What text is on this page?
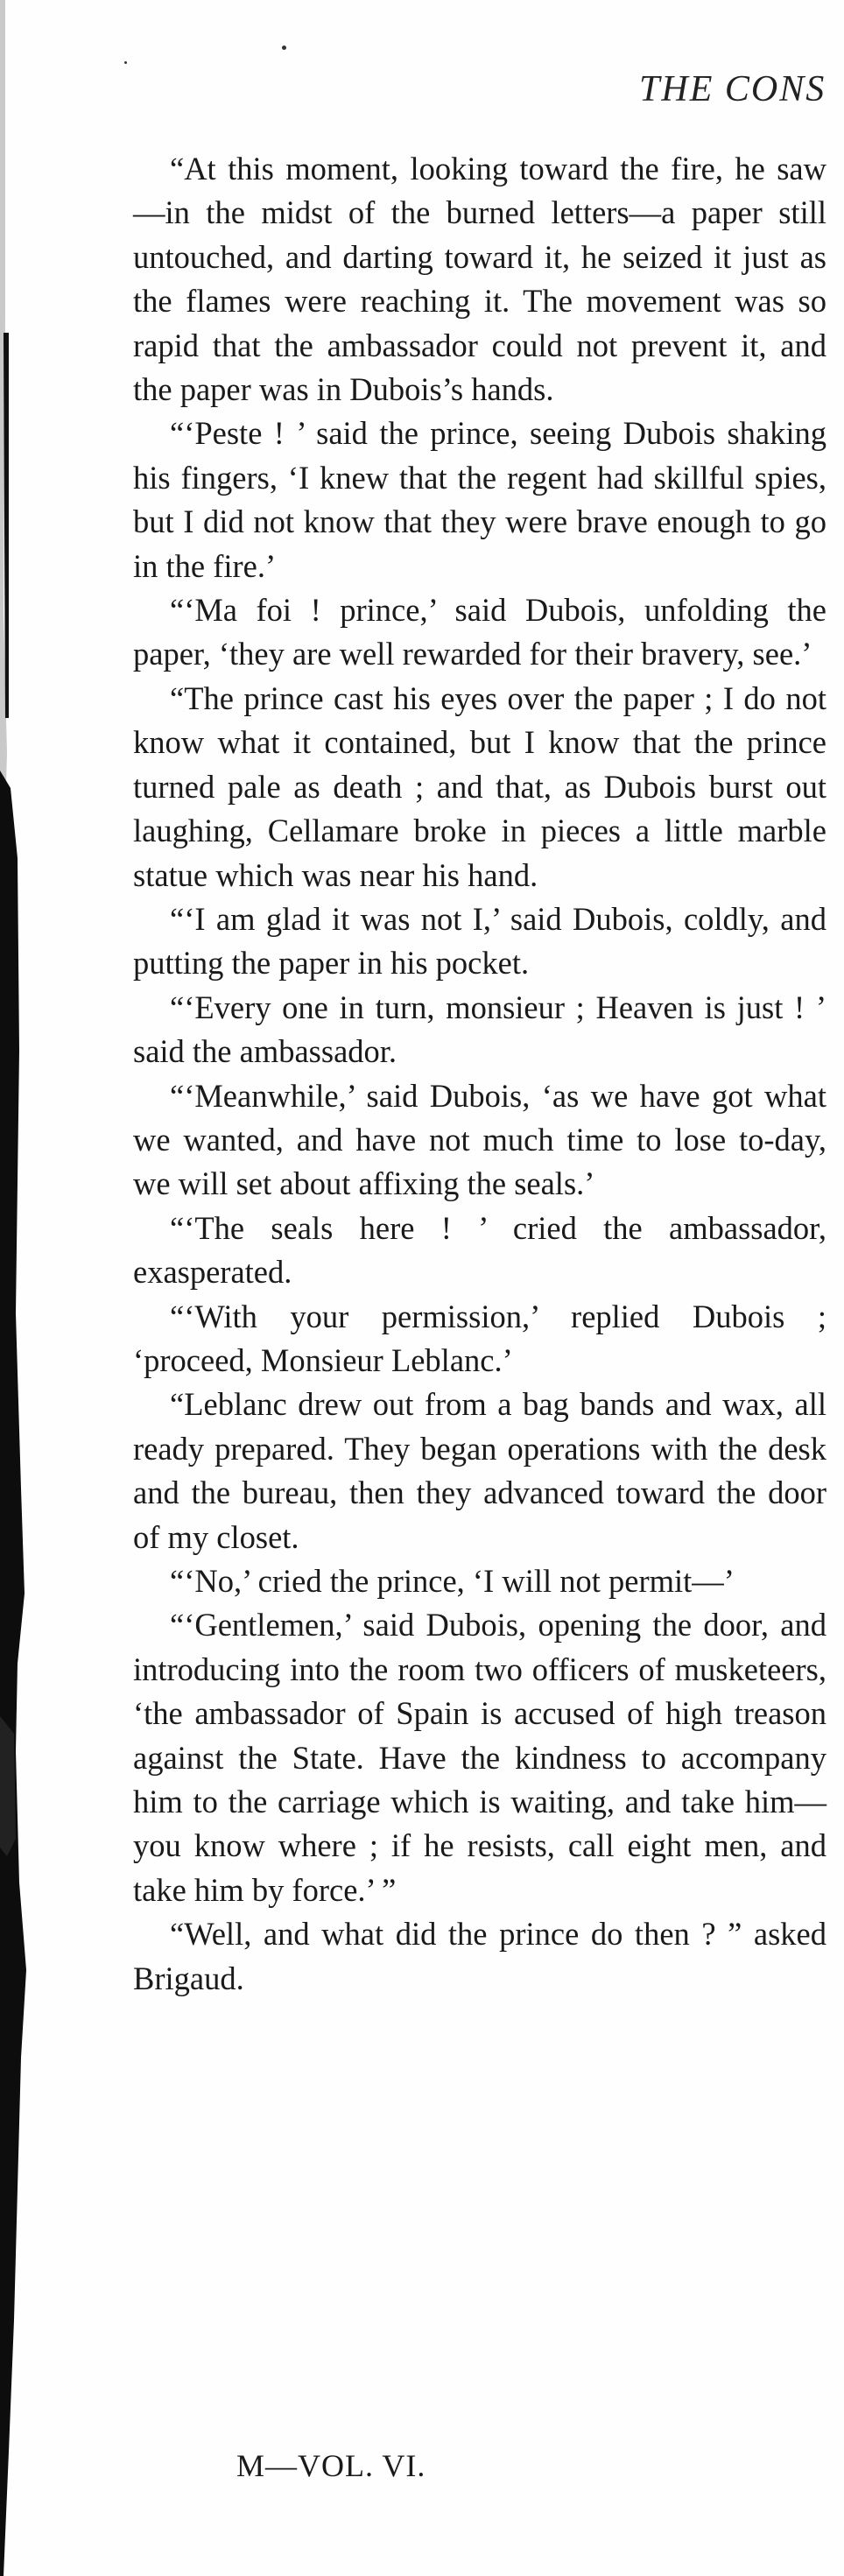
THE CONS

“At this moment, looking toward the fire, he saw—in the midst of the burned letters—a paper still untouched, and darting toward it, he seized it just as the flames were reaching it. The movement was so rapid that the ambassador could not prevent it, and the paper was in Dubois’s hands.

“‘Peste ! ’ said the prince, seeing Dubois shaking his fingers, ‘I knew that the regent had skillful spies, but I did not know that they were brave enough to go in the fire.’

“‘Ma foi ! prince,’ said Dubois, unfolding the paper, ‘they are well rewarded for their bravery, see.’

“The prince cast his eyes over the paper ; I do not know what it contained, but I know that the prince turned pale as death ; and that, as Dubois burst out laughing, Cellamare broke in pieces a little marble statue which was near his hand.

“‘I am glad it was not I,’ said Dubois, coldly, and putting the paper in his pocket.

“‘Every one in turn, monsieur ; Heaven is just ! ’ said the ambassador.

“‘Meanwhile,’ said Dubois, ‘as we have got what we wanted, and have not much time to lose to-day, we will set about affixing the seals.’

“‘The seals here ! ’ cried the ambassador, exasperated.

“‘With your permission,’ replied Dubois ; ‘proceed, Monsieur Leblanc.’

“Leblanc drew out from a bag bands and wax, all ready prepared. They began operations with the desk and the bureau, then they advanced toward the door of my closet.

“‘No,’ cried the prince, ‘I will not permit—’

“‘Gentlemen,’ said Dubois, opening the door, and introducing into the room two officers of musketeers, ‘the ambassador of Spain is accused of high treason against the State. Have the kindness to accompany him to the carriage which is waiting, and take him—you know where ; if he resists, call eight men, and take him by force.’ ”

“Well, and what did the prince do then ? ” asked Brigaud.

M—VOL. VI.
